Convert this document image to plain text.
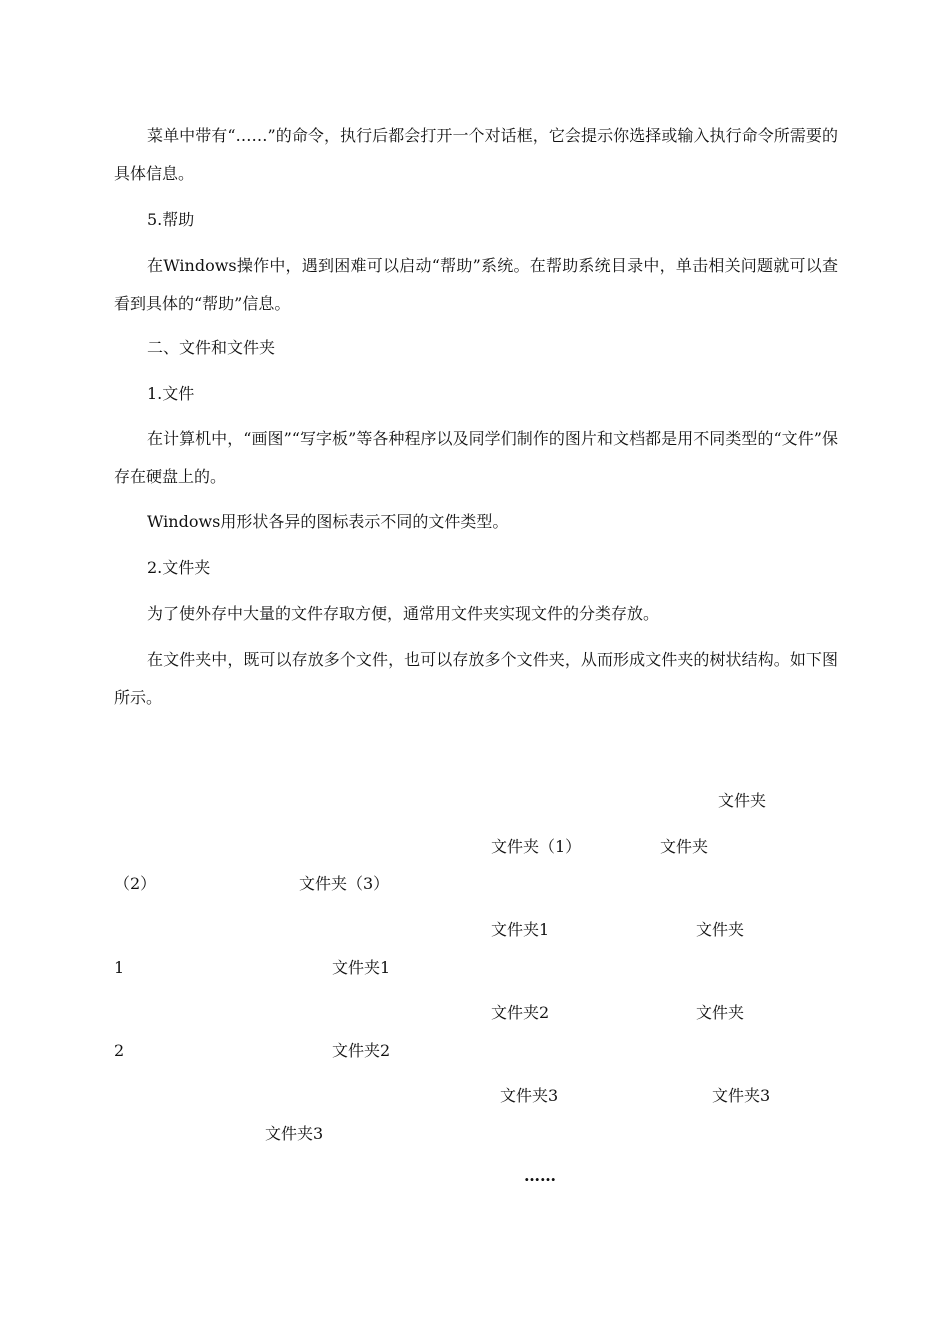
菜单中带有“……”的命令，执行后都会打开一个对话框，它会提示你选择或输入执行命令所需要的具体信息。

5.帮助

在Windows操作中，遇到困难可以启动“帮助”系统。在帮助系统目录中，单击相关问题就可以查看到具体的“帮助”信息。

二、文件和文件夹

1.文件

在计算机中，“画图”“写字板”等各种程序以及同学们制作的图片和文档都是用不同类型的“文件”保存在硬盘上的。

Windows用形状各异的图标表示不同的文件类型。

2.文件夹

为了使外存中大量的文件存取方便，通常用文件夹实现文件的分类存放。

在文件夹中，既可以存放多个文件，也可以存放多个文件夹，从而形成文件夹的树状结构。如下图所示。

文件夹
文件夹（1）	文件夹
（2）	文件夹（3）
文件夹1	文件夹
1	文件夹1
文件夹2	文件夹
2	文件夹2
文件夹3	文件夹3
文件夹3
……
